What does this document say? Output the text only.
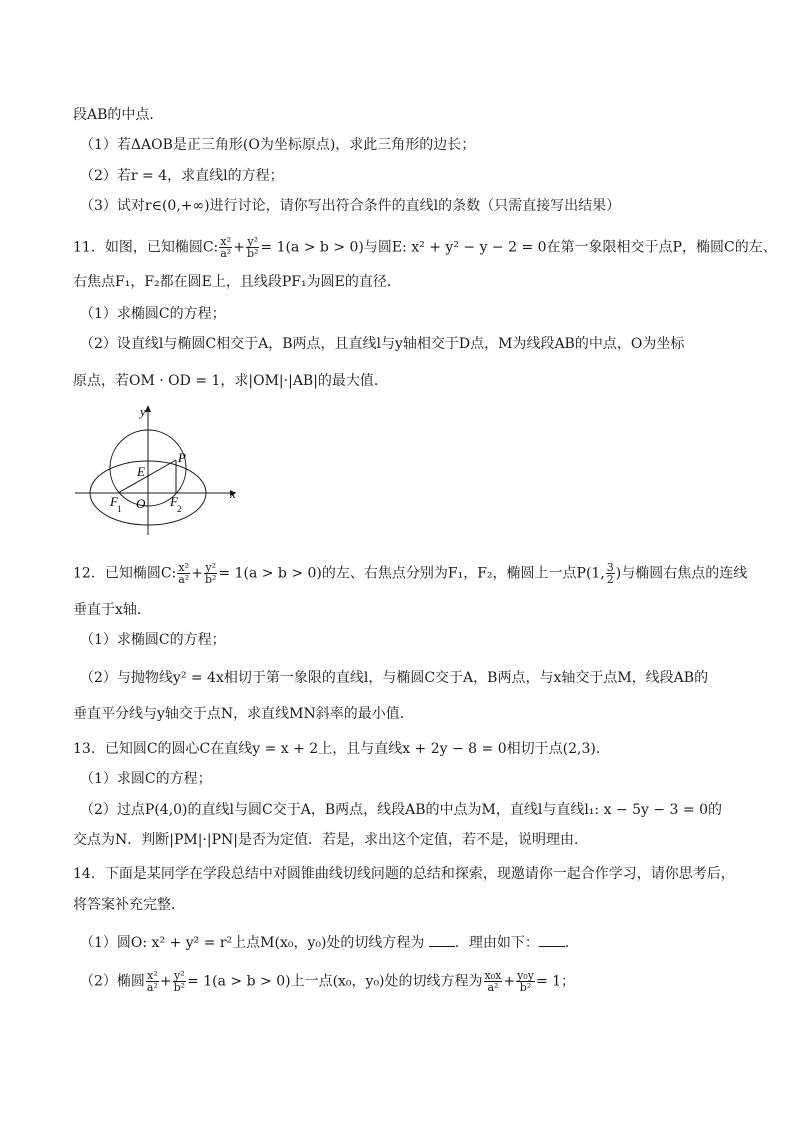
段AB的中点．
（1）若ΔAOB是正三角形(O为坐标原点)，求此三角形的边长；
（2）若r = 4，求直线l的方程；
（3）试对r∈(0,+∞)进行讨论，请你写出符合条件的直线l的条数（只需直接写出结果）
11．如图，已知椭圆C: $\frac{\text{x²}}{\text{a²}} + \frac{\text{y²}}{\text{b²}} = 1(a > b > 0)$与圆E: x² + y² − y − 2 = 0在第一象限相交于点P，椭圆C的左、
右焦点F₁，F₂都在圆E上，且线段PF₁为圆E的直径．
（1）求椭圆C的方程；
（2）设直线l与椭圆C相交于A，B两点，且直线l与y轴相交于D点，M为线段AB的中点，O为坐标
原点，若OM · OD = 1，求|OM|·|AB|的最大值．
y
x
P
E
O
F 1	F 2
12．已知椭圆C: $\frac{\text{x²}}{\text{a²}} + \frac{\text{y²}}{\text{b²}} = 1(a > b > 0)$的左、右焦点分别为F₁，F₂，椭圆上一点P(1, $\frac{3}{2}$ )与椭圆右焦点的连线
垂直于x轴．
（1）求椭圆C的方程；
（2）与抛物线y² = 4x相切于第一象限的直线l，与椭圆C交于A，B两点，与x轴交于点M，线段AB的
垂直平分线与y轴交于点N，求直线MN斜率的最小值．
13．已知圆C的圆心C在直线y = x + 2上，且与直线x + 2y − 8 = 0相切于点(2,3)．
（1）求圆C的方程；
（2）过点P(4,0)的直线l与圆C交于A，B两点，线段AB的中点为M，直线l与直线l₁: x − 5y − 3 = 0的
交点为N．判断|PM|·|PN|是否为定值．若是，求出这个定值，若不是，说明理由．
14．下面是某同学在学段总结中对圆锥曲线切线问题的总结和探索，现邀请你一起合作学习，请你思考后，
将答案补充完整．
（1）圆O: x² + y² = r²上点M(x₀，y₀)处的切线方程为 ．理由如下： ．
（2）椭圆 $\frac{\text{x²}}{\text{a²}} + \frac{\text{y²}}{\text{b²}} = 1(a > b > 0)$上一点(x₀，y₀)处的切线方程为 $\frac{\text{x₀x}}{\text{a²}} + \frac{\text{y₀y}}{\text{b²}} = 1$；
